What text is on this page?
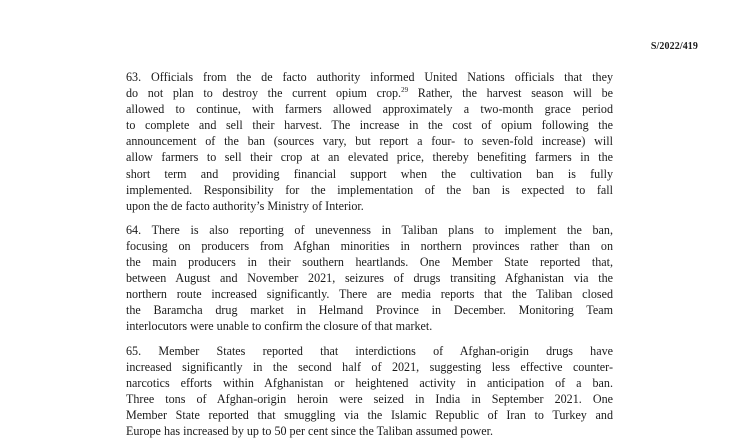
S/2022/419
63. Officials from the de facto authority informed United Nations officials that they
do not plan to destroy the current opium crop.$^{29}$ Rather, the harvest season will be
allowed to continue, with farmers allowed approximately a two-month grace period
to complete and sell their harvest. The increase in the cost of opium following the
announcement of the ban (sources vary, but report a four- to seven-fold increase) will
allow farmers to sell their crop at an elevated price, thereby benefiting farmers in the
short term and providing financial support when the cultivation ban is fully
implemented. Responsibility for the implementation of the ban is expected to fall
upon the de facto authority’s Ministry of Interior.
64. There is also reporting of unevenness in Taliban plans to implement the ban,
focusing on producers from Afghan minorities in northern provinces rather than on
the main producers in their southern heartlands. One Member State reported that,
between August and November 2021, seizures of drugs transiting Afghanistan via the
northern route increased significantly. There are media reports that the Taliban closed
the Baramcha drug market in Helmand Province in December. Monitoring Team
interlocutors were unable to confirm the closure of that market.
65. Member States reported that interdictions of Afghan-origin drugs have
increased significantly in the second half of 2021, suggesting less effective counter-
narcotics efforts within Afghanistan or heightened activity in anticipation of a ban.
Three tons of Afghan-origin heroin were seized in India in September 2021. One
Member State reported that smuggling via the Islamic Republic of Iran to Turkey and
Europe has increased by up to 50 per cent since the Taliban assumed power.
